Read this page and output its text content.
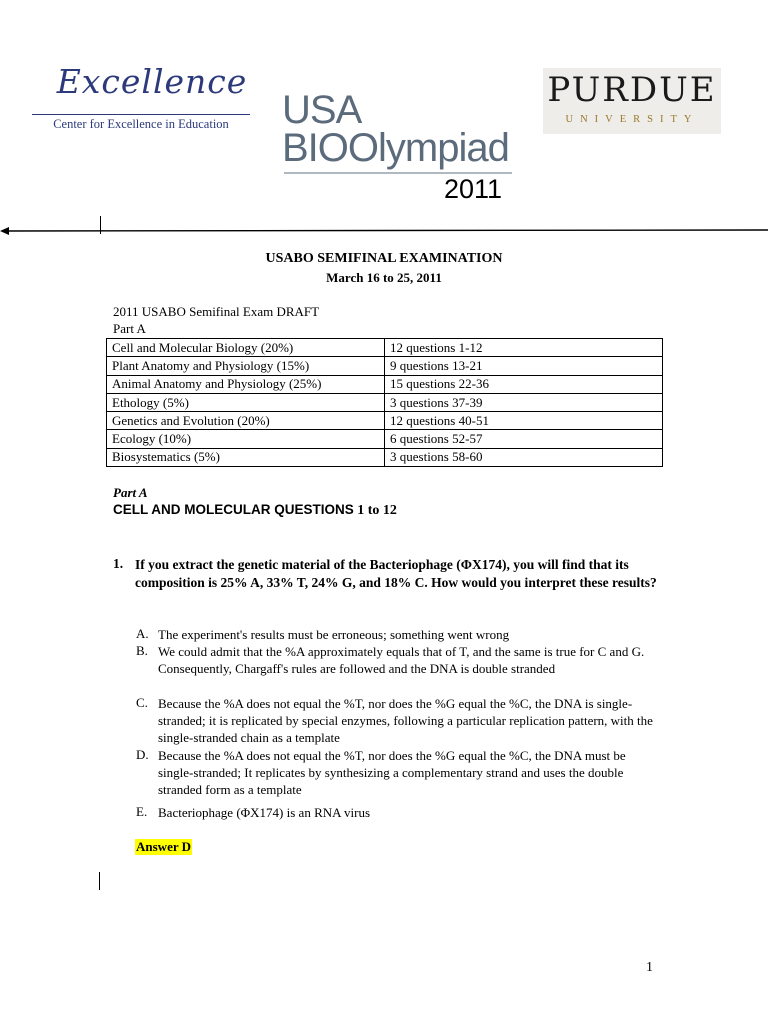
Excellence
Center for Excellence in Education	USA
BIOOlympiad
2011
PURDUE
UNIVERSITY
USABO SEMIFINAL EXAMINATION
March 16 to 25, 2011
2011 USABO Semifinal Exam DRAFT
Part A
Cell and Molecular Biology (20%)	12 questions 1-12
Plant Anatomy and Physiology (15%)	9 questions 13-21
Animal Anatomy and Physiology (25%)	15 questions 22-36
Ethology (5%)	3 questions 37-39
Genetics and Evolution (20%)	12 questions 40-51
Ecology (10%)	6 questions 52-57
Biosystematics (5%)	3 questions 58-60
Part A
CELL AND MOLECULAR QUESTIONS 1 to 12
1. If you extract the genetic material of the Bacteriophage (ΦX174), you will find that its composition is 25% A, 33% T, 24% G, and 18% C. How would you interpret these results?
A. The experiment's results must be erroneous; something went wrong
B. We could admit that the %A approximately equals that of T, and the same is true for C and G. Consequently, Chargaff's rules are followed and the DNA is double stranded
C. Because the %A does not equal the %T, nor does the %G equal the %C, the DNA is single-stranded; it is replicated by special enzymes, following a particular replication pattern, with the single-stranded chain as a template
D. Because the %A does not equal the %T, nor does the %G equal the %C, the DNA must be single-stranded; It replicates by synthesizing a complementary strand and uses the double stranded form as a template
E. Bacteriophage (ΦX174) is an RNA virus
Answer D
1
